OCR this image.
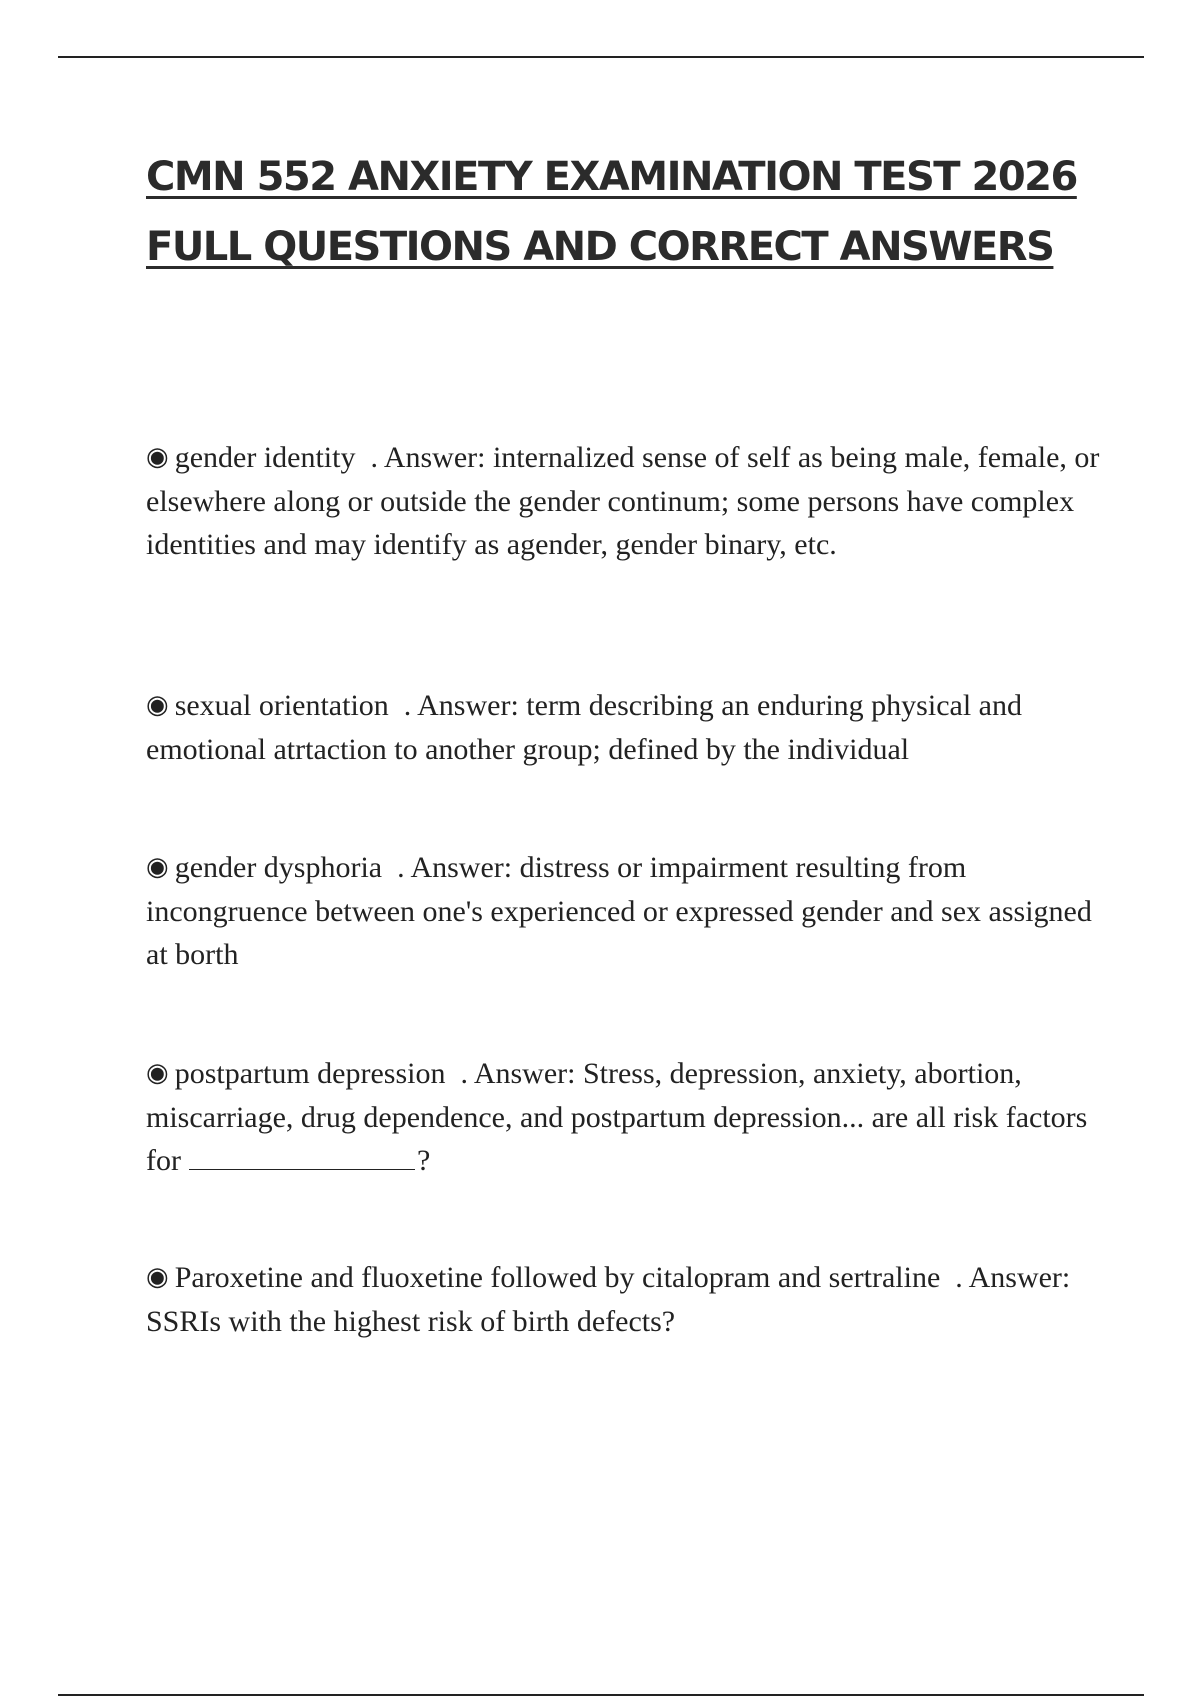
CMN 552 ANXIETY EXAMINATION TEST 2026
FULL QUESTIONS AND CORRECT ANSWERS

◉ gender identity . Answer: internalized sense of self as being male, female, or elsewhere along or outside the gender continum; some persons have complex identities and may identify as agender, gender binary, etc.

◉ sexual orientation . Answer: term describing an enduring physical and emotional atrtaction to another group; defined by the individual

◉ gender dysphoria . Answer: distress or impairment resulting from incongruence between one's experienced or expressed gender and sex assigned at borth

◉ postpartum depression . Answer: Stress, depression, anxiety, abortion, miscarriage, drug dependence, and postpartum depression... are all risk factors for	?

◉ Paroxetine and fluoxetine followed by citalopram and sertraline . Answer: SSRIs with the highest risk of birth defects?
